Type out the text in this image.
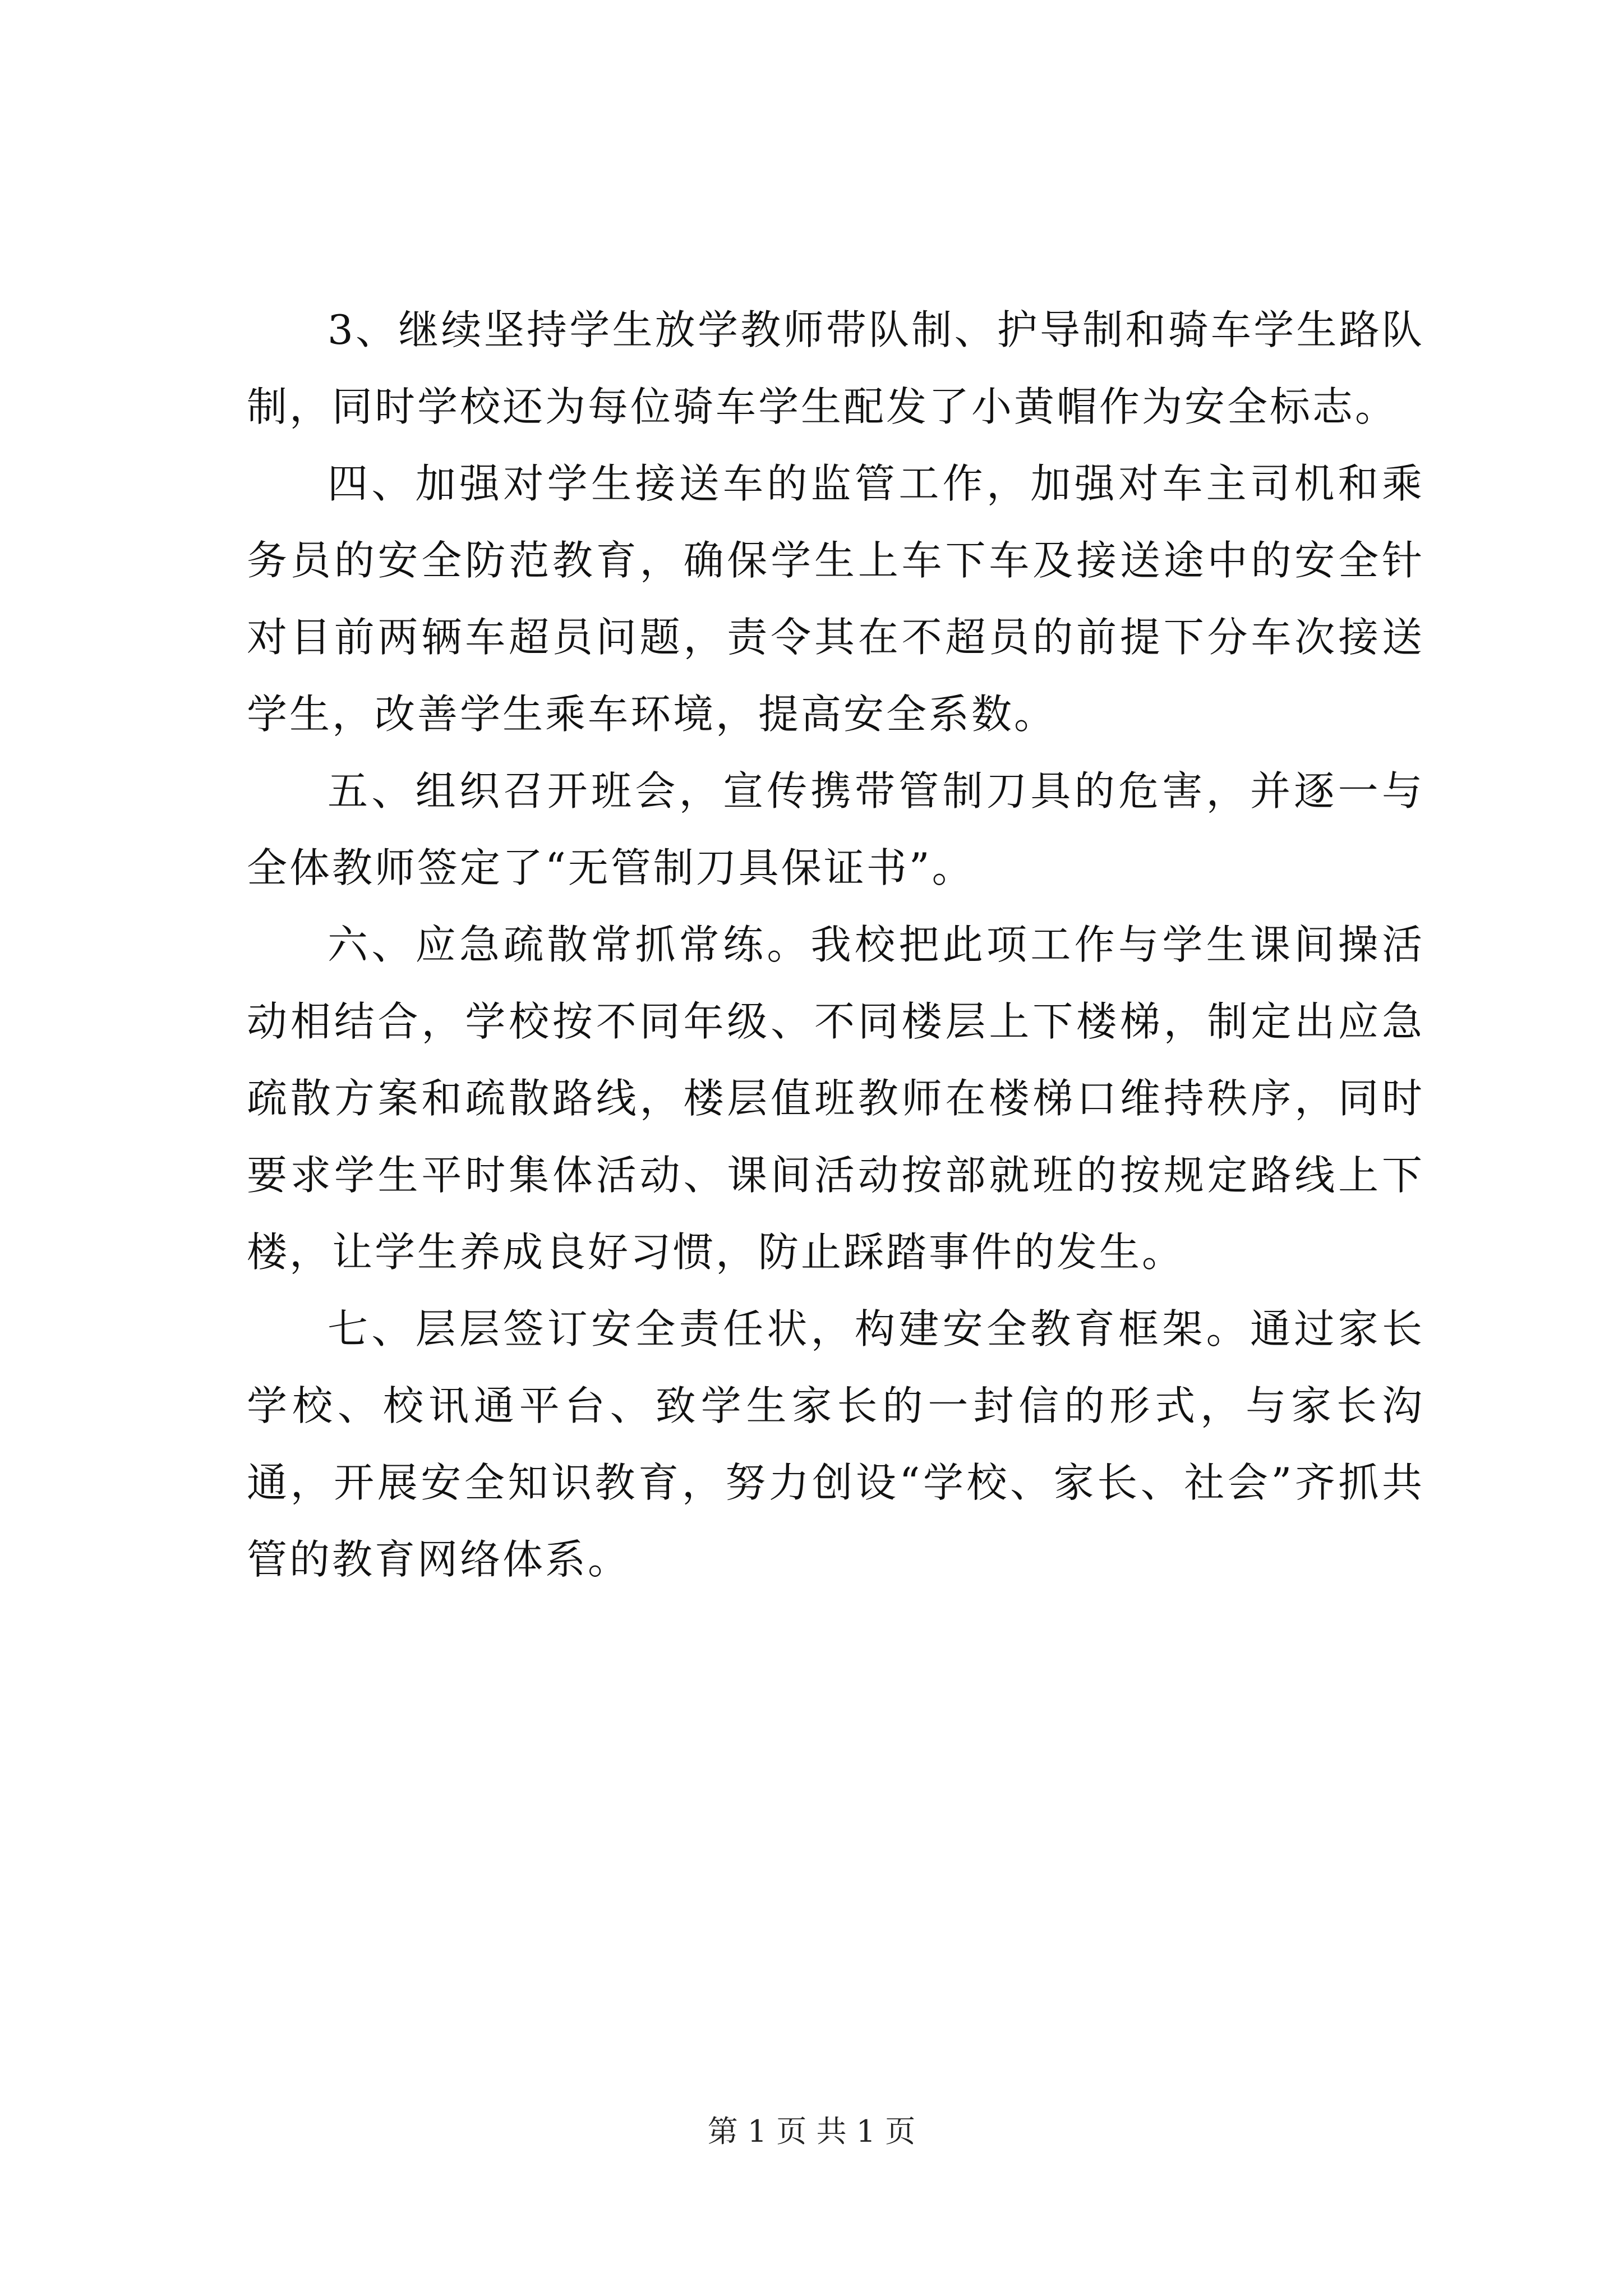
3、继续坚持学生放学教师带队制、护导制和骑车学生路队制，同时学校还为每位骑车学生配发了小黄帽作为安全标志。

四、加强对学生接送车的监管工作，加强对车主司机和乘务员的安全防范教育，确保学生上车下车及接送途中的安全针对目前两辆车超员问题，责令其在不超员的前提下分车次接送学生，改善学生乘车环境，提高安全系数。

五、组织召开班会，宣传携带管制刀具的危害，并逐一与全体教师签定了“无管制刀具保证书”。

六、应急疏散常抓常练。我校把此项工作与学生课间操活动相结合，学校按不同年级、不同楼层上下楼梯，制定出应急疏散方案和疏散路线，楼层值班教师在楼梯口维持秩序，同时要求学生平时集体活动、课间活动按部就班的按规定路线上下楼，让学生养成良好习惯，防止踩踏事件的发生。

七、层层签订安全责任状，构建安全教育框架。通过家长学校、校讯通平台、致学生家长的一封信的形式，与家长沟通，开展安全知识教育，努力创设“学校、家长、社会”齐抓共管的教育网络体系。

第 1 页 共 1 页
